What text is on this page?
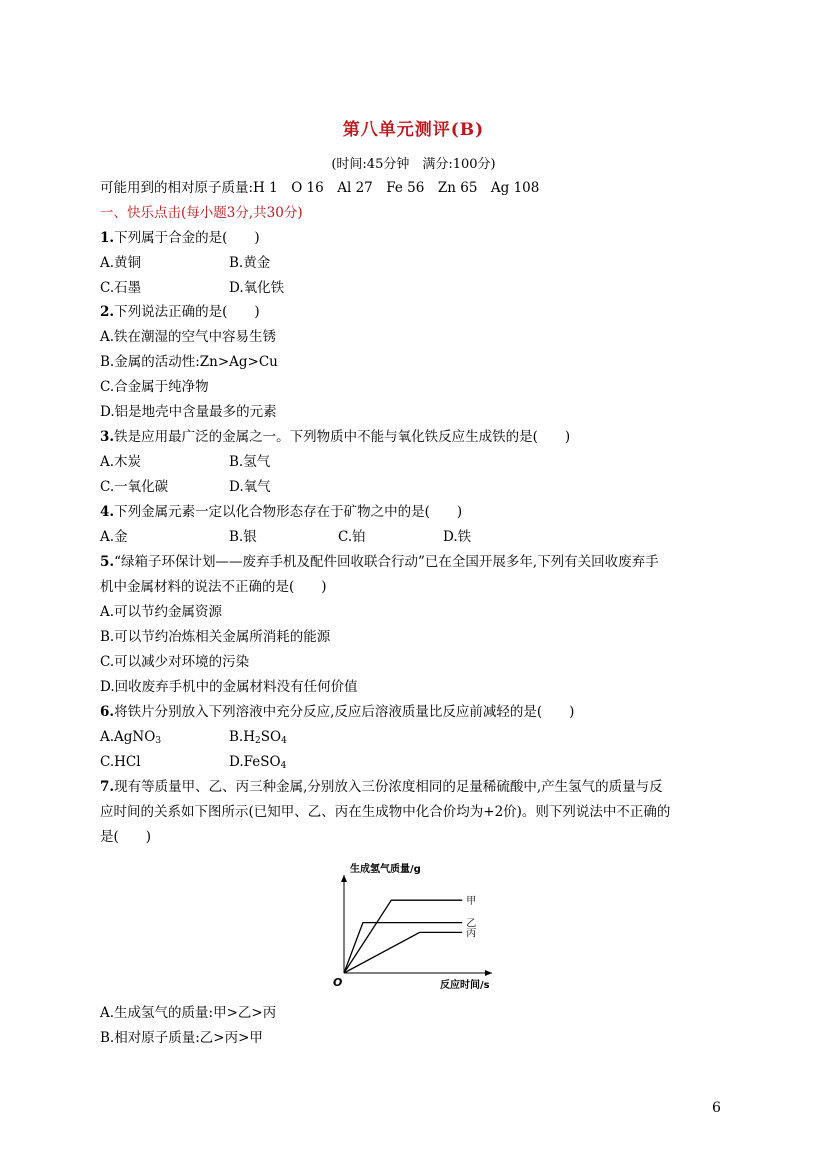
第八单元测评(B)
(时间:45分钟　满分:100分)
可能用到的相对原子质量:H 1　O 16　Al 27　Fe 56　Zn 65　Ag 108
一、快乐点击(每小题3分,共30分)
1.下列属于合金的是(　　)
A.黄铜	B.黄金
C.石墨	D.氧化铁
2.下列说法正确的是(　　)
A.铁在潮湿的空气中容易生锈
B.金属的活动性:Zn>Ag>Cu
C.合金属于纯净物
D.铝是地壳中含量最多的元素
3.铁是应用最广泛的金属之一。下列物质中不能与氧化铁反应生成铁的是(　　)
A.木炭	B.氢气
C.一氧化碳	D.氧气
4.下列金属元素一定以化合物形态存在于矿物之中的是(　　)
A.金	B.银	C.铂	D.铁
5.“绿箱子环保计划——废弃手机及配件回收联合行动”已在全国开展多年,下列有关回收废弃手
机中金属材料的说法不正确的是(　　)
A.可以节约金属资源
B.可以节约冶炼相关金属所消耗的能源
C.可以减少对环境的污染
D.回收废弃手机中的金属材料没有任何价值
6.将铁片分别放入下列溶液中充分反应,反应后溶液质量比反应前减轻的是(　　)
A.AgNO$_3$	$B.H_2SO_4$
C.HCl	D.FeSO$_4$
7.现有等质量甲、乙、丙三种金属,分别放入三份浓度相同的足量稀硫酸中,产生氢气的质量与反
应时间的关系如下图所示(已知甲、乙、丙在生成物中化合价均为+2价)。则下列说法中不正确的
是(　　)
生成氢气质量/g
反应时间/s
O
甲
乙
丙
A.生成氢气的质量:甲>乙>丙
B.相对原子质量:乙>丙>甲
6
